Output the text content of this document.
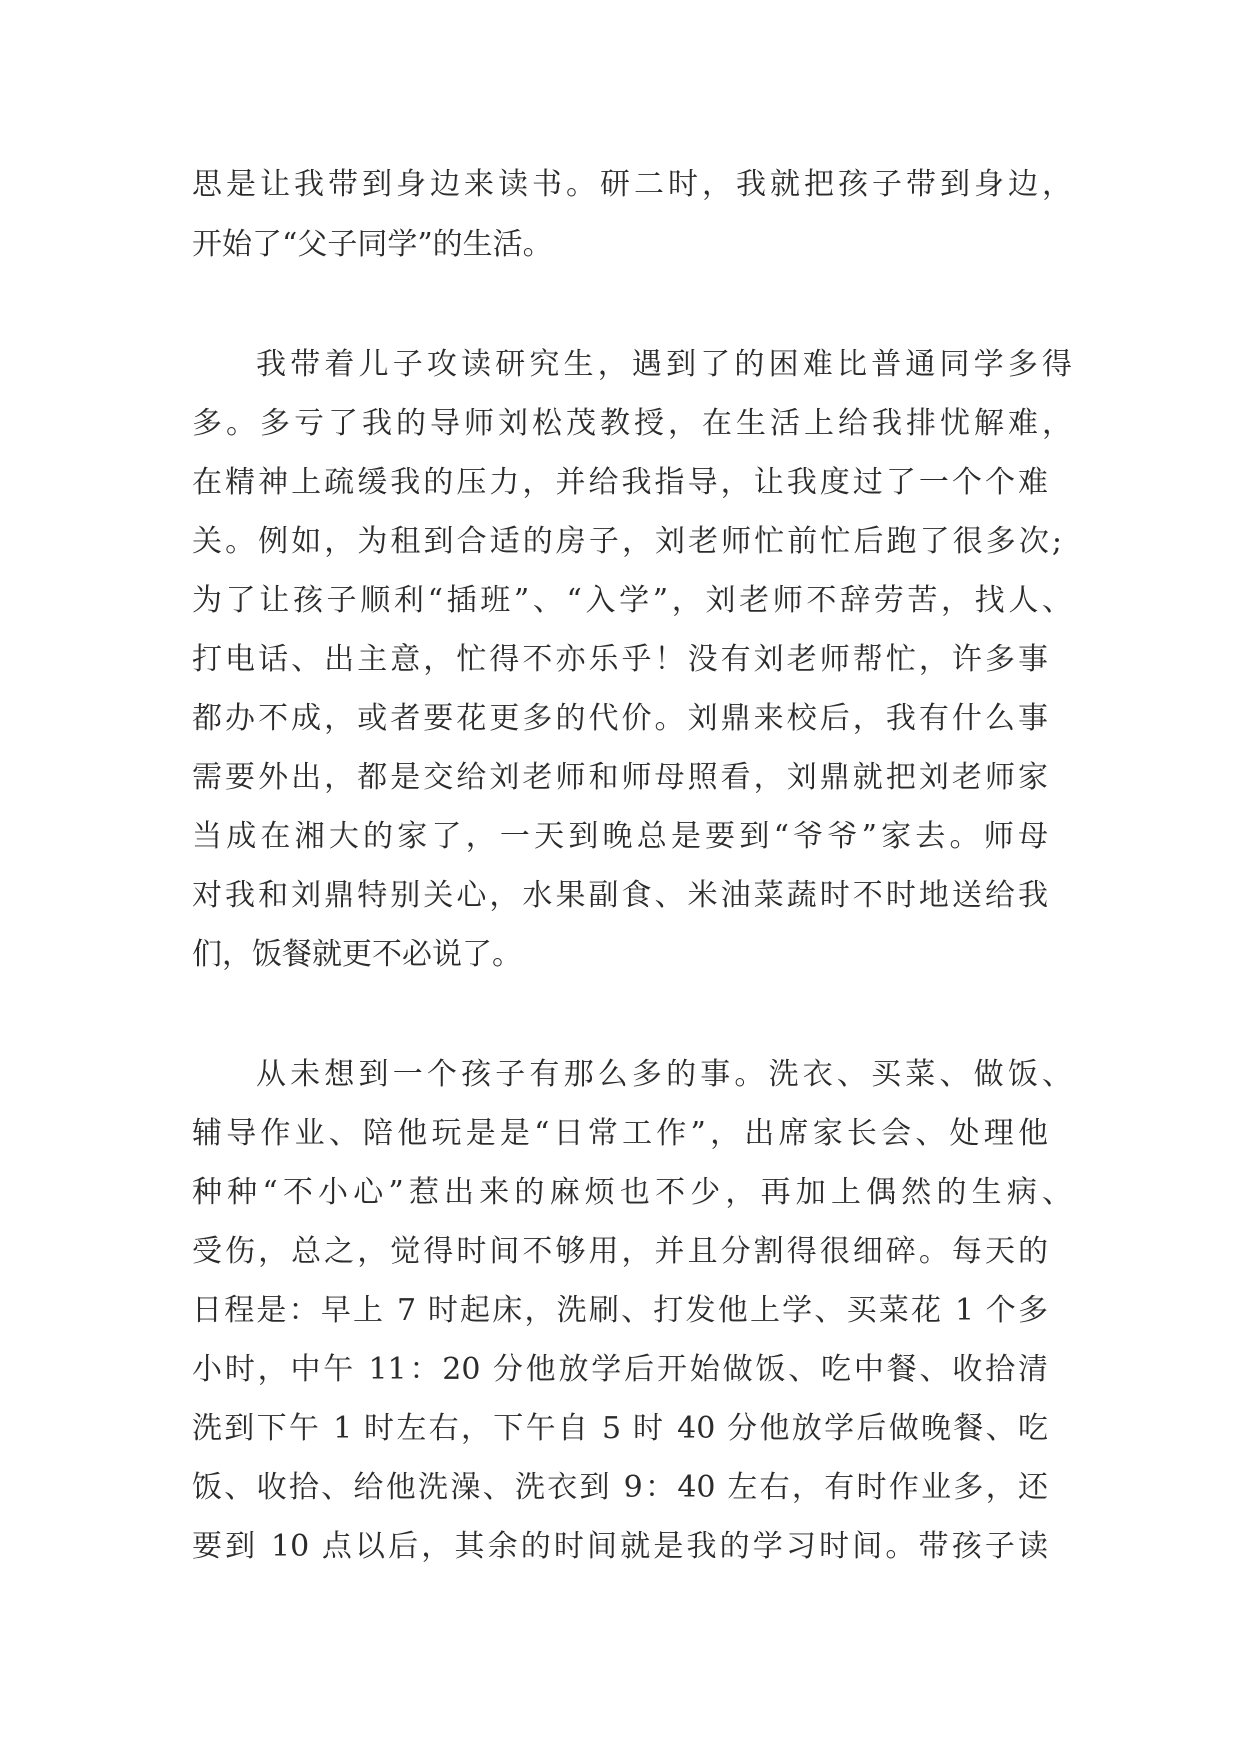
思是让我带到身边来读书。研二时，我就把孩子带到身边，

开始了“父子同学”的生活。

我带着儿子攻读研究生，遇到了的困难比普通同学多得

多。多亏了我的导师刘松茂教授，在生活上给我排忧解难，

在精神上疏缓我的压力，并给我指导，让我度过了一个个难

关。例如，为租到合适的房子，刘老师忙前忙后跑了很多次;

为了让孩子顺利“插班”、“入学”，刘老师不辞劳苦，找人、

打电话、出主意，忙得不亦乐乎！没有刘老师帮忙，许多事

都办不成，或者要花更多的代价。刘鼎来校后，我有什么事

需要外出，都是交给刘老师和师母照看，刘鼎就把刘老师家

当成在湘大的家了，一天到晚总是要到“爷爷”家去。师母

对我和刘鼎特别关心，水果副食、米油菜蔬时不时地送给我

们，饭餐就更不必说了。

从未想到一个孩子有那么多的事。洗衣、买菜、做饭、

辅导作业、陪他玩是是“日常工作”，出席家长会、处理他

种种“不小心”惹出来的麻烦也不少，再加上偶然的生病、

受伤，总之，觉得时间不够用，并且分割得很细碎。每天的

日程是：早上 7 时起床，洗刷、打发他上学、买菜花 1 个多

小时，中午 11：20 分他放学后开始做饭、吃中餐、收拾清

洗到下午 1 时左右，下午自 5 时 40 分他放学后做晚餐、吃

饭、收拾、给他洗澡、洗衣到 9：40 左右，有时作业多，还

要到 10 点以后，其余的时间就是我的学习时间。带孩子读
